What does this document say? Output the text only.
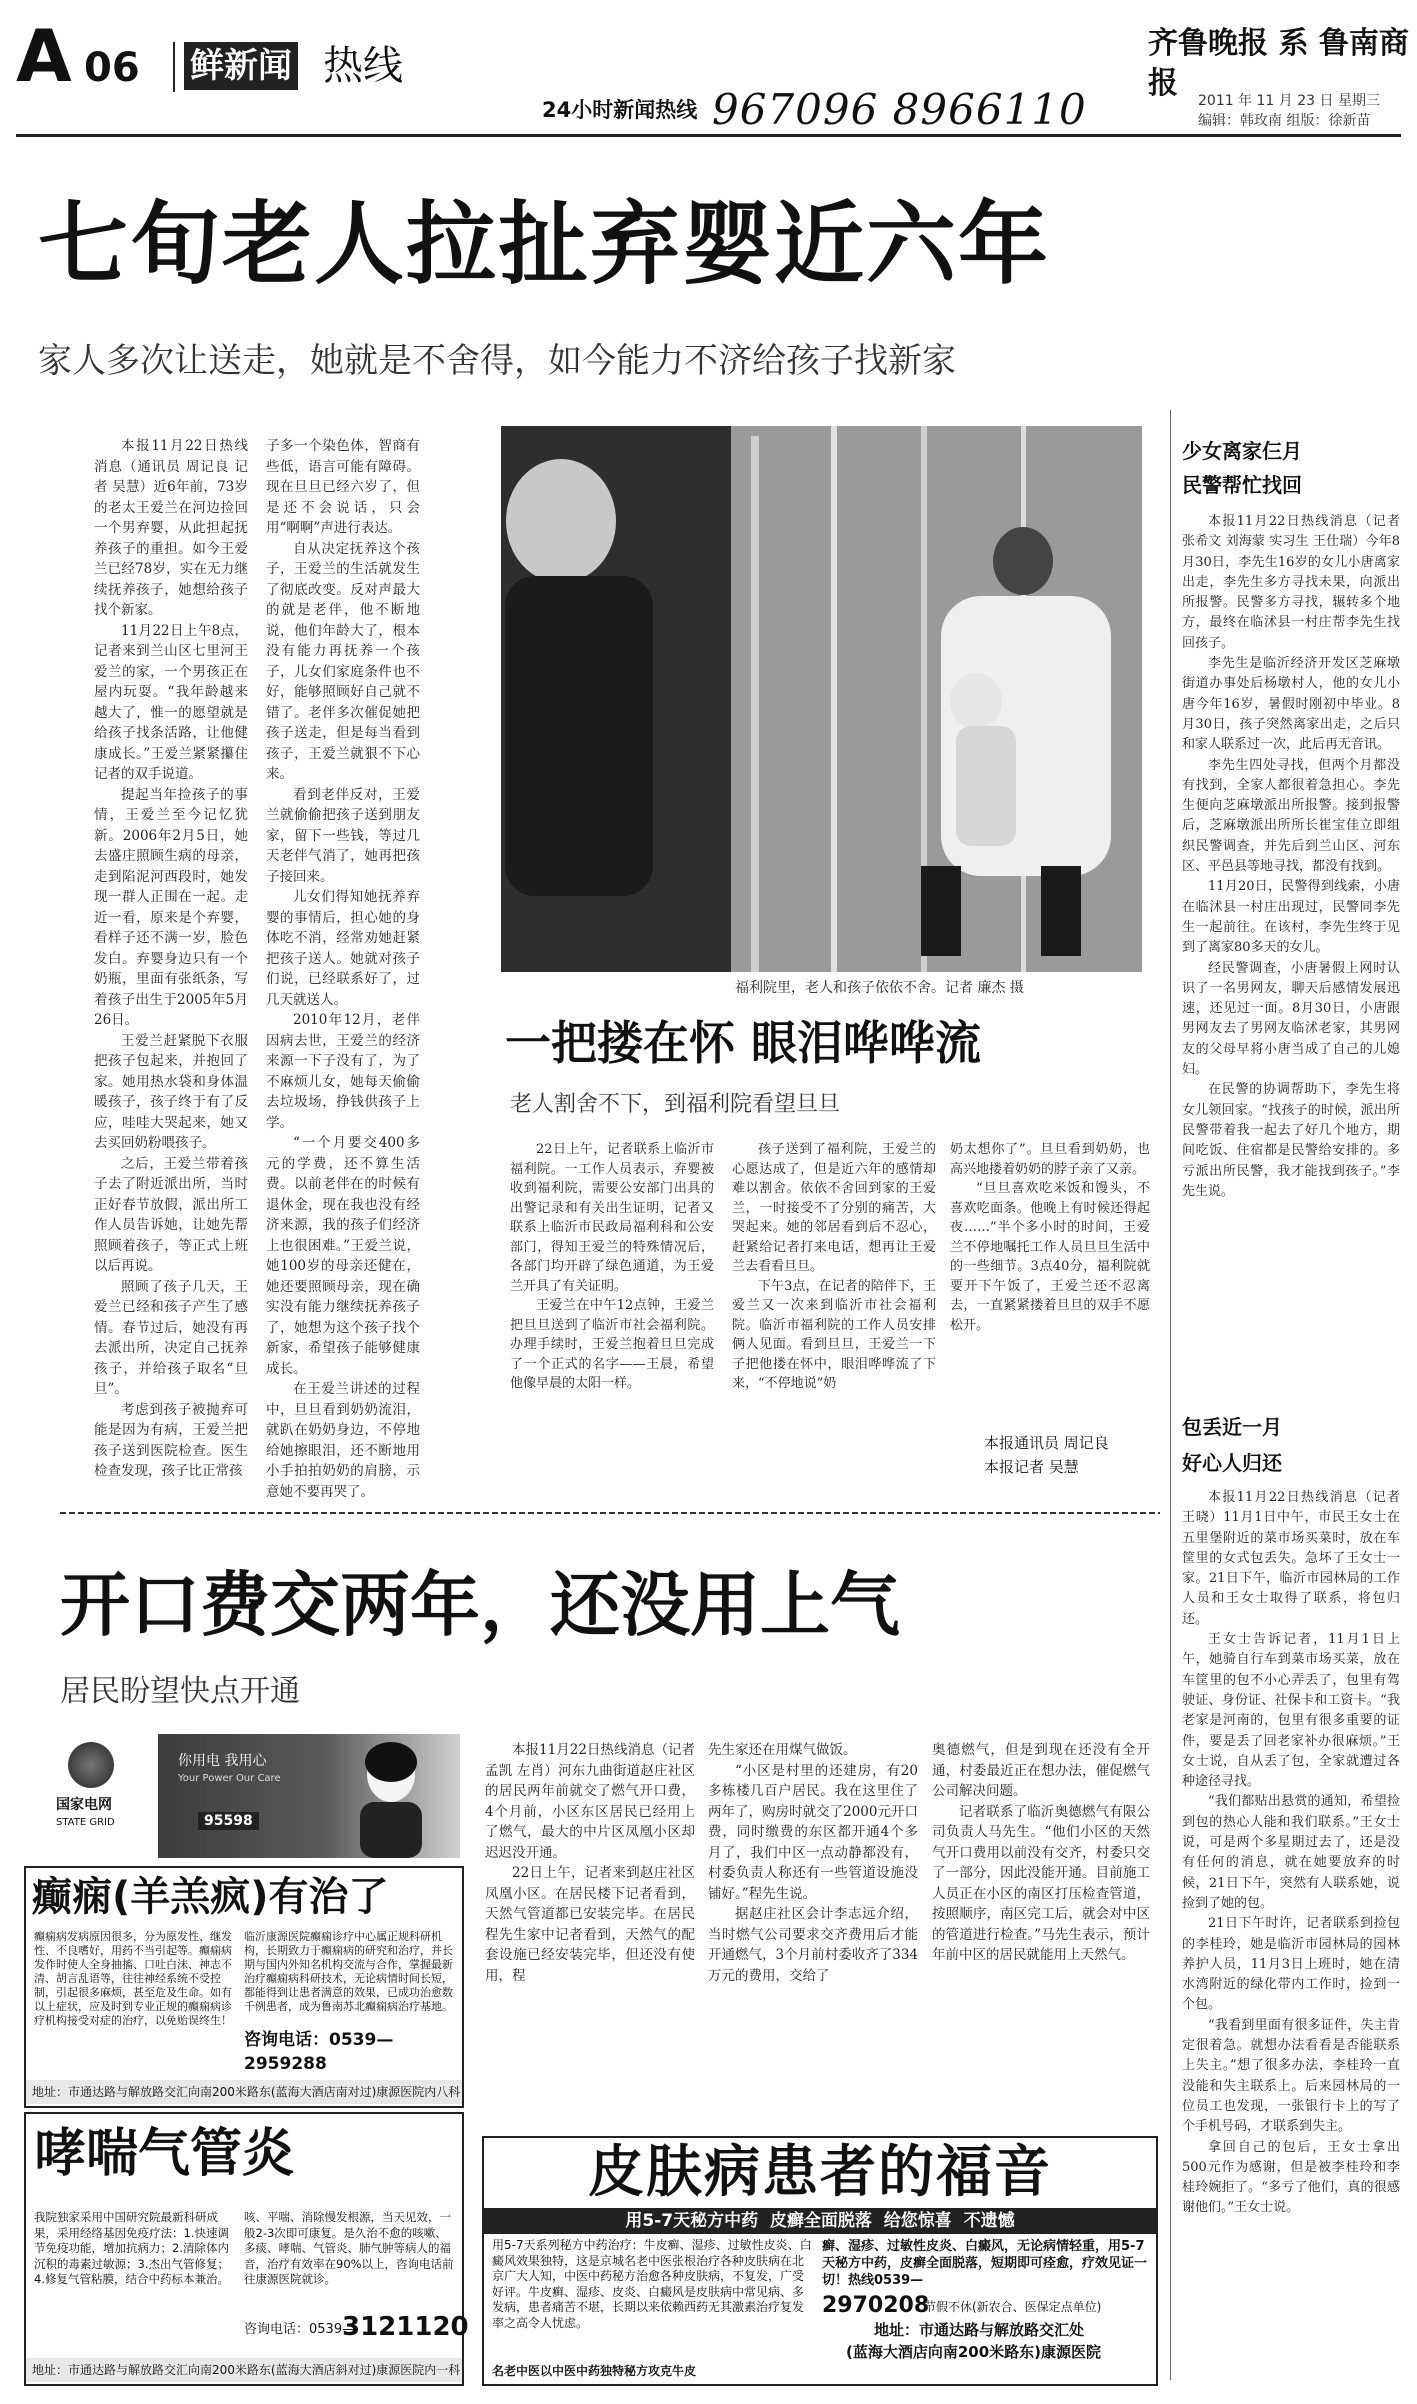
A 06 鲜新闻 热线
24小时新闻热线 967096 8966110
齐鲁晚报 系 鲁南商报	2011 年 11 月 23 日 星期三
编辑：韩玫南 组版：徐新苗
七旬老人拉扯弃婴近六年
家人多次让送走，她就是不舍得，如今能力不济给孩子找新家

本报11月22日热线消息（通讯员 周记良 记者 吴慧）近6年前，73岁的老太王爱兰在河边捡回一个男弃婴，从此担起抚养孩子的重担。如今王爱兰已经78岁，实在无力继续抚养孩子，她想给孩子找个新家。

11月22日上午8点，记者来到兰山区七里河王爱兰的家，一个男孩正在屋内玩耍。“我年龄越来越大了，惟一的愿望就是给孩子找条活路，让他健康成长。”王爱兰紧紧攥住记者的双手说道。

提起当年捡孩子的事情，王爱兰至今记忆犹新。2006年2月5日，她去盛庄照顾生病的母亲，走到陷泥河西段时，她发现一群人正围在一起。走近一看，原来是个弃婴，看样子还不满一岁，脸色发白。弃婴身边只有一个奶瓶，里面有张纸条，写着孩子出生于2005年5月26日。

王爱兰赶紧脱下衣服把孩子包起来，并抱回了家。她用热水袋和身体温暖孩子，孩子终于有了反应，哇哇大哭起来，她又去买回奶粉喂孩子。

之后，王爱兰带着孩子去了附近派出所，当时正好春节放假，派出所工作人员告诉她，让她先帮照顾着孩子，等正式上班以后再说。

照顾了孩子几天，王爱兰已经和孩子产生了感情。春节过后，她没有再去派出所，决定自己抚养孩子，并给孩子取名“旦旦”。

考虑到孩子被抛弃可能是因为有病，王爱兰把孩子送到医院检查。医生检查发现，孩子比正常孩

子多一个染色体，智商有些低，语言可能有障碍。现在旦旦已经六岁了，但是还不会说话，只会用“啊啊”声进行表达。

自从决定抚养这个孩子，王爱兰的生活就发生了彻底改变。反对声最大的就是老伴，他不断地说，他们年龄大了，根本没有能力再抚养一个孩子，儿女们家庭条件也不好，能够照顾好自己就不错了。老伴多次催促她把孩子送走，但是每当看到孩子，王爱兰就狠不下心来。

看到老伴反对，王爱兰就偷偷把孩子送到朋友家，留下一些钱，等过几天老伴气消了，她再把孩子接回来。

儿女们得知她抚养弃婴的事情后，担心她的身体吃不消，经常劝她赶紧把孩子送人。她就对孩子们说，已经联系好了，过几天就送人。

2010年12月，老伴因病去世，王爱兰的经济来源一下子没有了，为了不麻烦儿女，她每天偷偷去垃圾场，挣钱供孩子上学。

“一个月要交400多元的学费，还不算生活费。以前老伴在的时候有退休金，现在我也没有经济来源，我的孩子们经济上也很困难。”王爱兰说，她100岁的母亲还健在，她还要照顾母亲，现在确实没有能力继续抚养孩子了，她想为这个孩子找个新家，希望孩子能够健康成长。

在王爱兰讲述的过程中，旦旦看到奶奶流泪，就趴在奶奶身边，不停地给她擦眼泪，还不断地用小手拍拍奶奶的肩膀，示意她不要再哭了。

福利院里，老人和孩子依依不舍。记者 廉杰 摄
一把搂在怀 眼泪哗哗流
老人割舍不下，到福利院看望旦旦

22日上午，记者联系上临沂市福利院。一工作人员表示，弃婴被收到福利院，需要公安部门出具的出警记录和有关出生证明，记者又联系上临沂市民政局福利科和公安部门，得知王爱兰的特殊情况后，各部门均开辟了绿色通道，为王爱兰开具了有关证明。

王爱兰在中午12点钟，王爱兰把旦旦送到了临沂市社会福利院。办理手续时，王爱兰抱着旦旦完成了一个正式的名字——王晨，希望他像早晨的太阳一样。

孩子送到了福利院，王爱兰的心愿达成了，但是近六年的感情却难以割舍。依依不舍回到家的王爱兰，一时接受不了分别的痛苦，大哭起来。她的邻居看到后不忍心，赶紧给记者打来电话，想再让王爱兰去看看旦旦。

下午3点，在记者的陪伴下，王爱兰又一次来到临沂市社会福利院。临沂市福利院的工作人员安排俩人见面。看到旦旦，王爱兰一下子把他搂在怀中，眼泪哗哗流了下来，“不停地说”奶

奶太想你了”。旦旦看到奶奶，也高兴地搂着奶奶的脖子亲了又亲。

“旦旦喜欢吃米饭和馒头，不喜欢吃面条。他晚上有时候还得起夜……”半个多小时的时间，王爱兰不停地嘱托工作人员旦旦生活中的一些细节。3点40分，福利院就要开下午饭了，王爱兰还不忍离去，一直紧紧搂着旦旦的双手不愿松开。

本报通讯员 周记良
本报记者 吴慧
少女离家仨月
民警帮忙找回

本报11月22日热线消息（记者 张希文 刘海蒙 实习生 王仕瑞）今年8月30日，李先生16岁的女儿小唐离家出走，李先生多方寻找未果，向派出所报警。民警多方寻找，辗转多个地方，最终在临沭县一村庄帮李先生找回孩子。

李先生是临沂经济开发区芝麻墩街道办事处后杨墩村人，他的女儿小唐今年16岁，暑假时刚初中毕业。8月30日，孩子突然离家出走，之后只和家人联系过一次，此后再无音讯。

李先生四处寻找，但两个月都没有找到，全家人都很着急担心。李先生便向芝麻墩派出所报警。接到报警后，芝麻墩派出所所长崔宝佳立即组织民警调查，并先后到兰山区、河东区、平邑县等地寻找，都没有找到。

11月20日，民警得到线索，小唐在临沭县一村庄出现过，民警同李先生一起前往。在该村，李先生终于见到了离家80多天的女儿。

经民警调查，小唐暑假上网时认识了一名男网友，聊天后感情发展迅速，还见过一面。8月30日，小唐跟男网友去了男网友临沭老家，其男网友的父母早将小唐当成了自己的儿媳妇。

在民警的协调帮助下，李先生将女儿领回家。“找孩子的时候，派出所民警带着我一起去了好几个地方，期间吃饭、住宿都是民警给安排的。多亏派出所民警，我才能找到孩子。”李先生说。

包丢近一月
好心人归还

本报11月22日热线消息（记者 王晓）11月1日中午，市民王女士在五里堡附近的菜市场买菜时，放在车筐里的女式包丢失。急坏了王女士一家。21日下午，临沂市园林局的工作人员和王女士取得了联系，将包归还。

王女士告诉记者，11月1日上午，她骑自行车到菜市场买菜，放在车筐里的包不小心弄丢了，包里有驾驶证、身份证、社保卡和工资卡。“我老家是河南的，包里有很多重要的证件，要是丢了回老家补办很麻烦。”王女士说，自从丢了包，全家就遭过各种途径寻找。

“我们都贴出悬赏的通知，希望捡到包的热心人能和我们联系。”王女士说，可是两个多星期过去了，还是没有任何的消息，就在她要放弃的时候，21日下午，突然有人联系她，说捡到了她的包。

21日下午时许，记者联系到捡包的李桂玲，她是临沂市园林局的园林养护人员，11月3日上班时，她在清水湾附近的绿化带内工作时，捡到一个包。

“我看到里面有很多证件，失主肯定很着急。就想办法看看是否能联系上失主。”想了很多办法，李桂玲一直没能和失主联系上。后来园林局的一位员工也发现，一张银行卡上的写了个手机号码，才联系到失主。

拿回自己的包后，王女士拿出500元作为感谢，但是被李桂玲和李桂玲婉拒了。“多亏了他们，真的很感谢他们。”王女士说。

开口费交两年，还没用上气
居民盼望快点开通

本报11月22日热线消息（记者 孟凯 左肖）河东九曲街道赵庄社区的居民两年前就交了燃气开口费，4个月前，小区东区居民已经用上了燃气，最大的中片区凤凰小区却迟迟没开通。

22日上午，记者来到赵庄社区凤凰小区。在居民楼下记者看到，天然气管道都已安装完毕。在居民程先生家中记者看到，天然气的配套设施已经安装完毕，但还没有使用，程

先生家还在用煤气做饭。

“小区是村里的还建房，有20多栋楼几百户居民。我在这里住了两年了，购房时就交了2000元开口费，同时缴费的东区都开通4个多月了，我们中区一点动静都没有，村委负责人称还有一些管道设施没铺好。”程先生说。

据赵庄社区会计李志远介绍，当时燃气公司要求交齐费用后才能开通燃气，3个月前村委收齐了334万元的费用，交给了

奥德燃气，但是到现在还没有全开通，村委最近正在想办法，催促燃气公司解决问题。

记者联系了临沂奥德燃气有限公司负责人马先生。“他们小区的天然气开口费用以前没有交齐，村委只交了一部分，因此没能开通。目前施工人员正在小区的南区打压检查管道，按照顺序，南区完工后，就会对中区的管道进行检查。”马先生表示，预计年前中区的居民就能用上天然气。

国家电网
STATE GRID
你用电 我用心
Your Power Our Care
95598
癫痫(羊羔疯)有治了
癫痫病发病原因很多，分为原发性、继发性、不良嗜好，用药不当引起等。癫痫病发作时使人全身抽搐、口吐白沫、神志不清、胡言乱语等，往往神经系统不受控制，引起很多麻烦，甚至危及生命。如有以上症状，应及时到专业正规的癫痫病诊疗机构接受对症的治疗，以免贻误终生！
临沂康源医院癫痫诊疗中心属正规科研机构，长期致力于癫痫病的研究和治疗，并长期与国内外知名机构交流与合作，掌握最新治疗癫痫病科研技术，无论病情时间长短，都能得到让患者满意的效果，已成功治愈数千例患者，成为鲁南苏北癫痫病治疗基地。
咨询电话：0539—2959288
地址：市通达路与解放路交汇向南200米路东(蓝海大酒店南对过)康源医院内八科
哮喘气管炎
我院独家采用中国研究院最新科研成果，采用经络基因免疫疗法：1.快速调节免疫功能，增加抗病力；2.清除体内沉积的毒素过敏源；3.杰出气管修复；4.修复气管粘膜，结合中药标本兼治。
咳、平喘、消除慢发根源，当天见效，一般2-3次即可康复。是久治不愈的咳嗽、多痰、哮喘、气管炎、肺气肿等病人的福音，治疗有效率在90%以上，咨询电话前往康源医院就诊。
咨询电话：0539—
3121120
地址：市通达路与解放路交汇向南200米路东(蓝海大酒店斜对过)康源医院内一科
皮肤病患者的福音
用5-7天秘方中药  皮癣全面脱落  给您惊喜  不遗憾
用5-7天系列秘方中药治疗：牛皮癣、湿疹、过敏性皮炎、白癜风效果独特，这是京城名老中医张根治疗各种皮肤病在北京广大人知，中医中药秘方治愈各种皮肤病，不复发，广受好评。牛皮癣、湿疹、皮炎、白癜风是皮肤病中常见病、多发病，患者痛苦不堪，长期以来依赖西药无其激素治疗复发率之高令人忧虑。
癣、湿疹、过敏性皮炎、白癜风，无论病情轻重，用5-7天秘方中药，皮癣全面脱落，短期即可痊愈，疗效见证一切！热线0539—
2970208
节假不休(新农合、医保定点单位)
地址：市通达路与解放路交汇处
(蓝海大酒店向南200米路东)康源医院
名老中医以中医中药独特秘方攻克牛皮
